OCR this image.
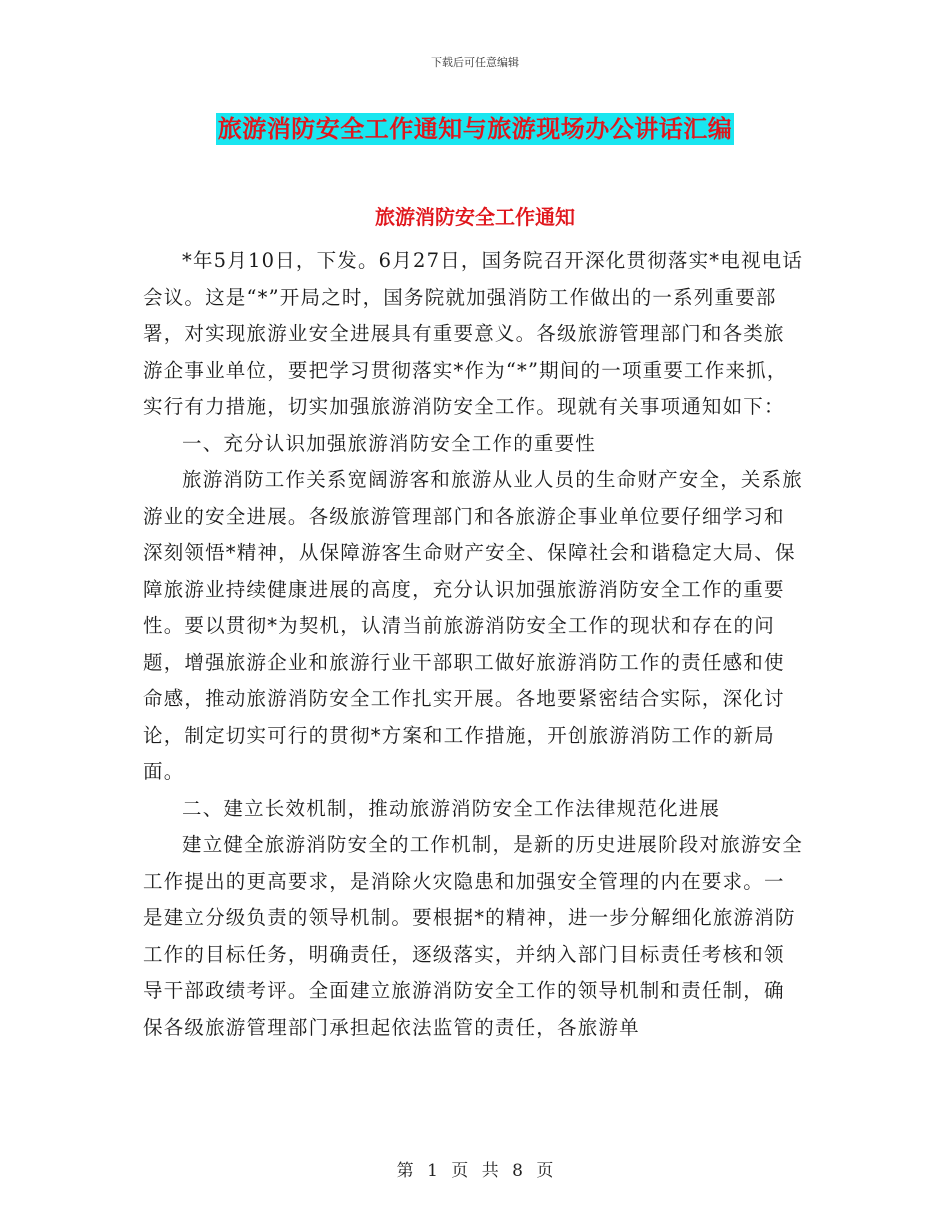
下载后可任意编辑
旅游消防安全工作通知与旅游现场办公讲话汇编
旅游消防安全工作通知

*年5月10日，下发。6月27日，国务院召开深化贯彻落实*电视电话会议。这是“*”开局之时，国务院就加强消防工作做出的一系列重要部署，对实现旅游业安全进展具有重要意义。各级旅游管理部门和各类旅游企事业单位，要把学习贯彻落实*作为“*”期间的一项重要工作来抓，实行有力措施，切实加强旅游消防安全工作。现就有关事项通知如下：

一、充分认识加强旅游消防安全工作的重要性

旅游消防工作关系宽阔游客和旅游从业人员的生命财产安全，关系旅游业的安全进展。各级旅游管理部门和各旅游企事业单位要仔细学习和深刻领悟*精神，从保障游客生命财产安全、保障社会和谐稳定大局、保障旅游业持续健康进展的高度，充分认识加强旅游消防安全工作的重要性。要以贯彻*为契机，认清当前旅游消防安全工作的现状和存在的问题，增强旅游企业和旅游行业干部职工做好旅游消防工作的责任感和使命感，推动旅游消防安全工作扎实开展。各地要紧密结合实际，深化讨论，制定切实可行的贯彻*方案和工作措施，开创旅游消防工作的新局面。

二、建立长效机制，推动旅游消防安全工作法律规范化进展

建立健全旅游消防安全的工作机制，是新的历史进展阶段对旅游安全工作提出的更高要求，是消除火灾隐患和加强安全管理的内在要求。一是建立分级负责的领导机制。要根据*的精神，进一步分解细化旅游消防工作的目标任务，明确责任，逐级落实，并纳入部门目标责任考核和领导干部政绩考评。全面建立旅游消防安全工作的领导机制和责任制，确保各级旅游管理部门承担起依法监管的责任，各旅游单

第 1 页 共 8 页
